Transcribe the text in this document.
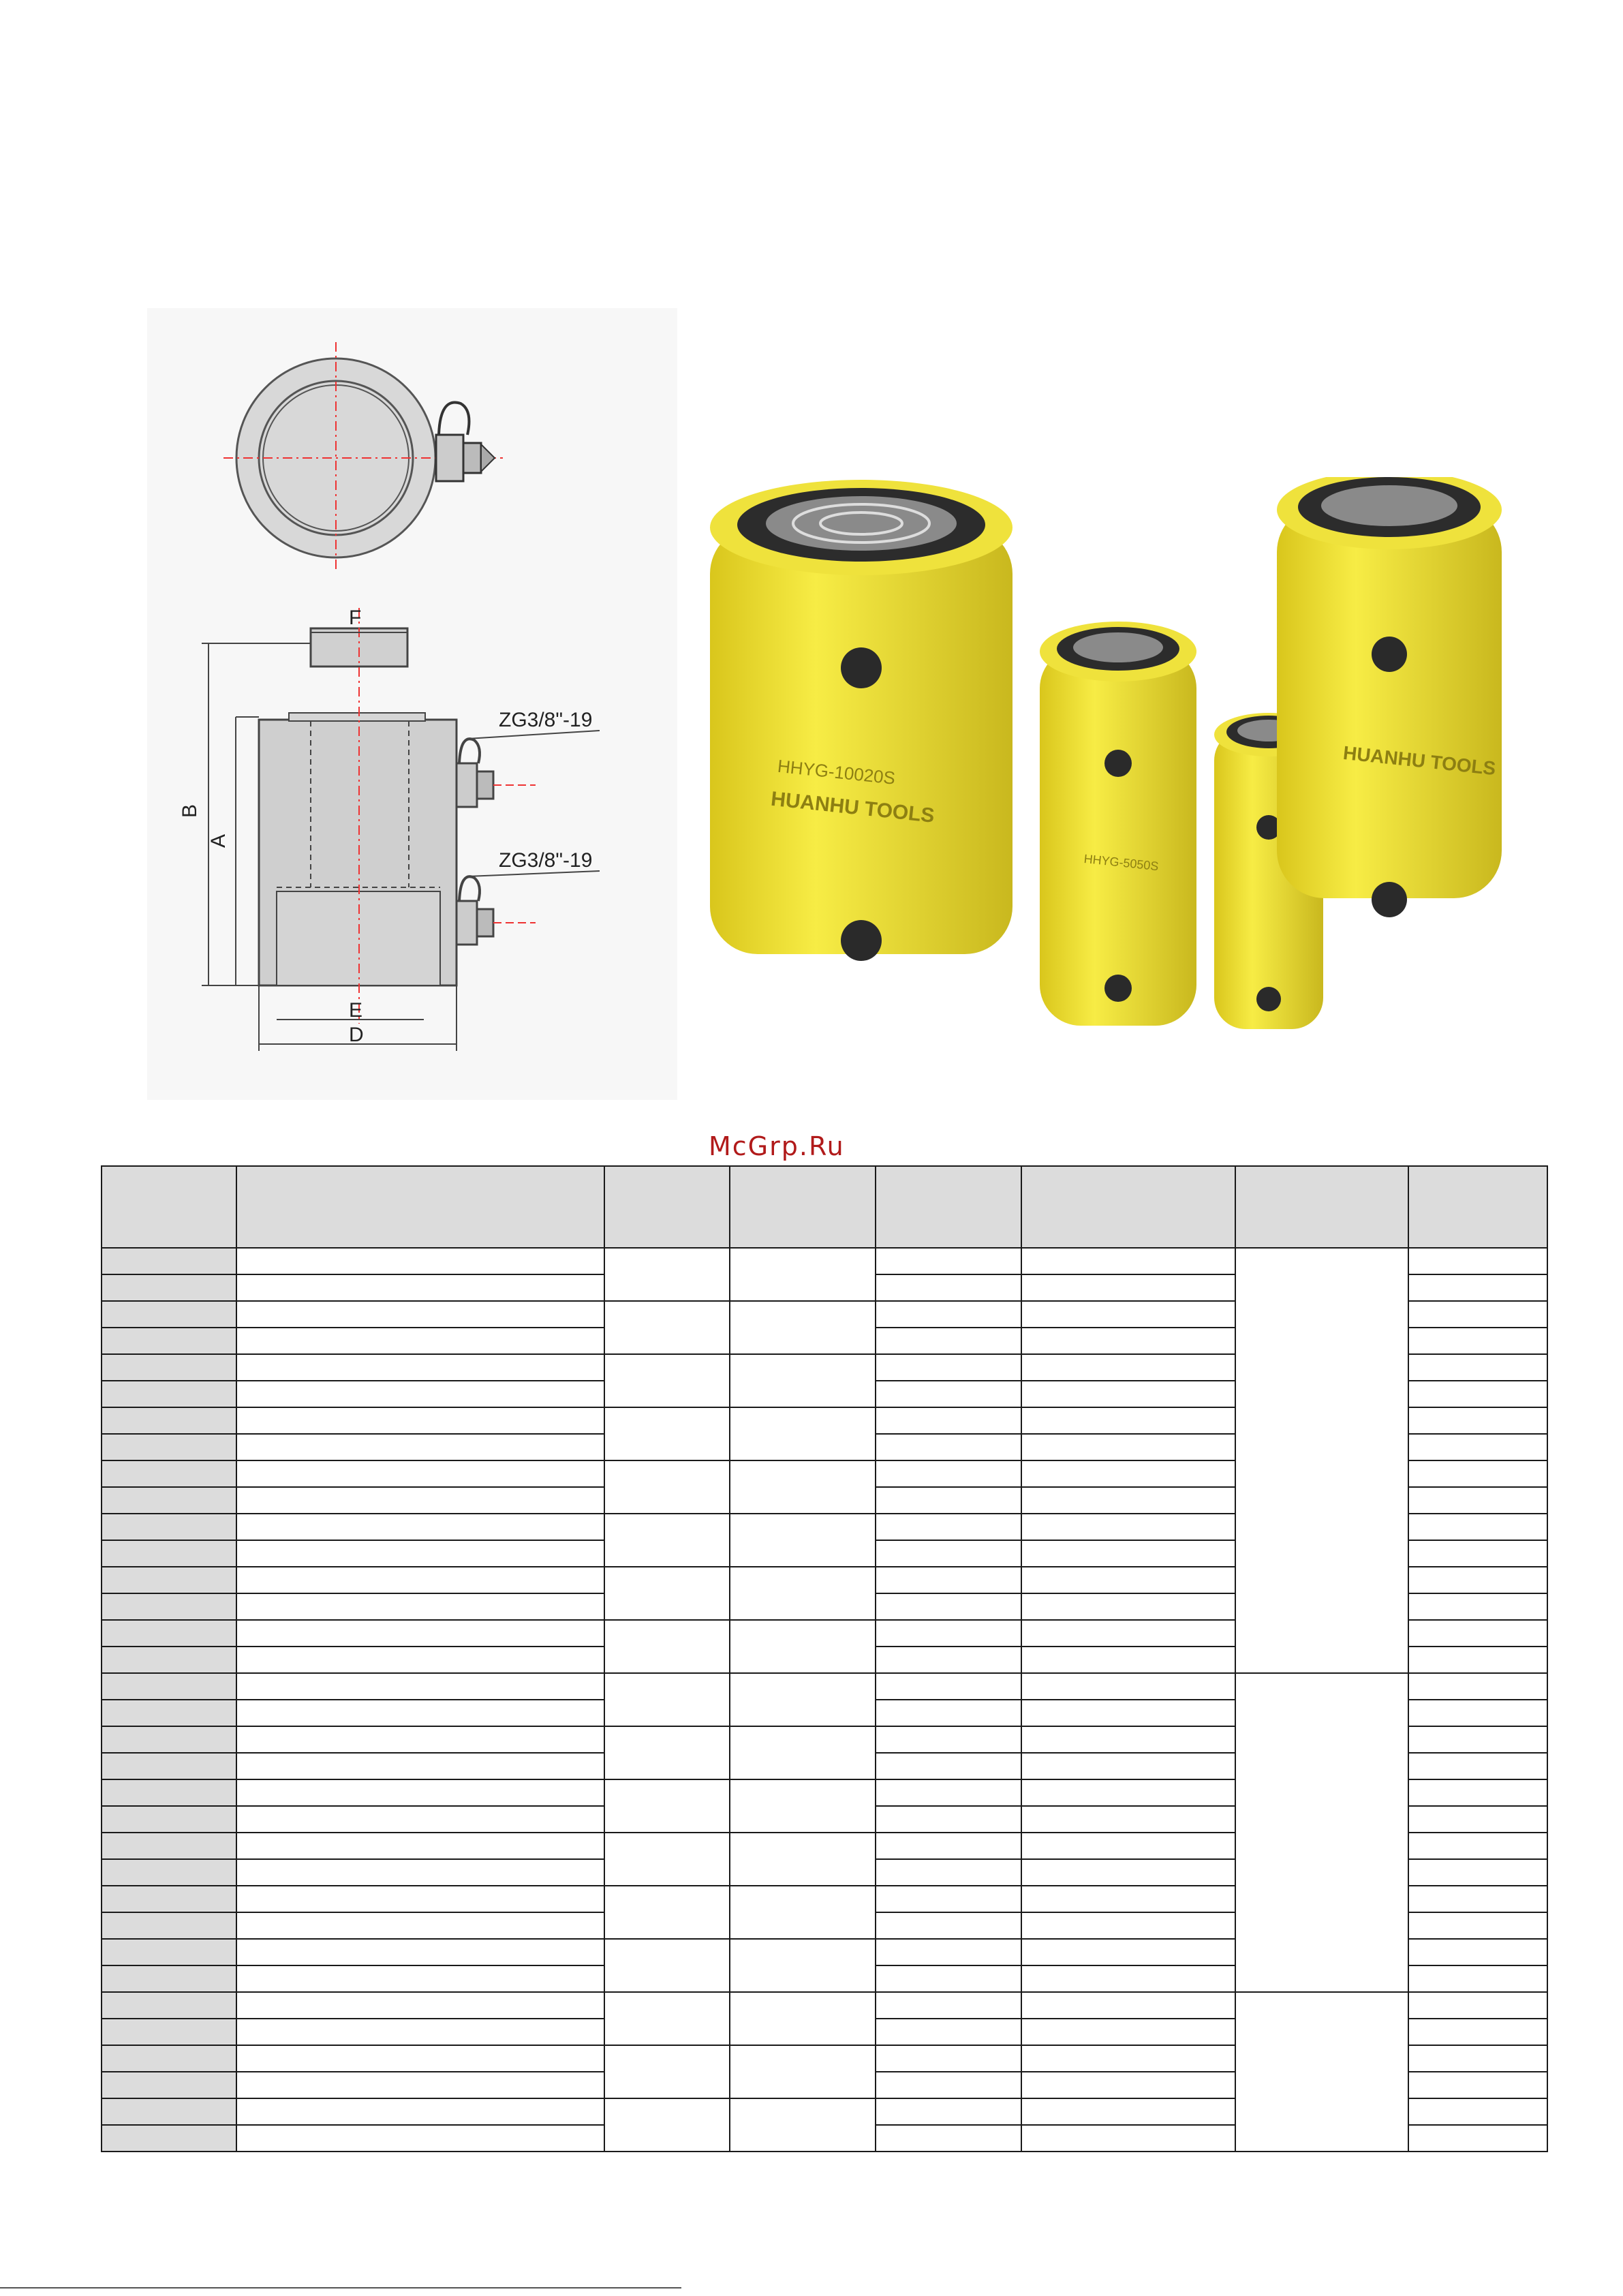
F
B
A
E
D
ZG3/8"-19
ZG3/8"-19
HHYG-10020S
HUANHU TOOLS
HHYG-5050S
HUANHU TOOLS
McGrp.Ru
